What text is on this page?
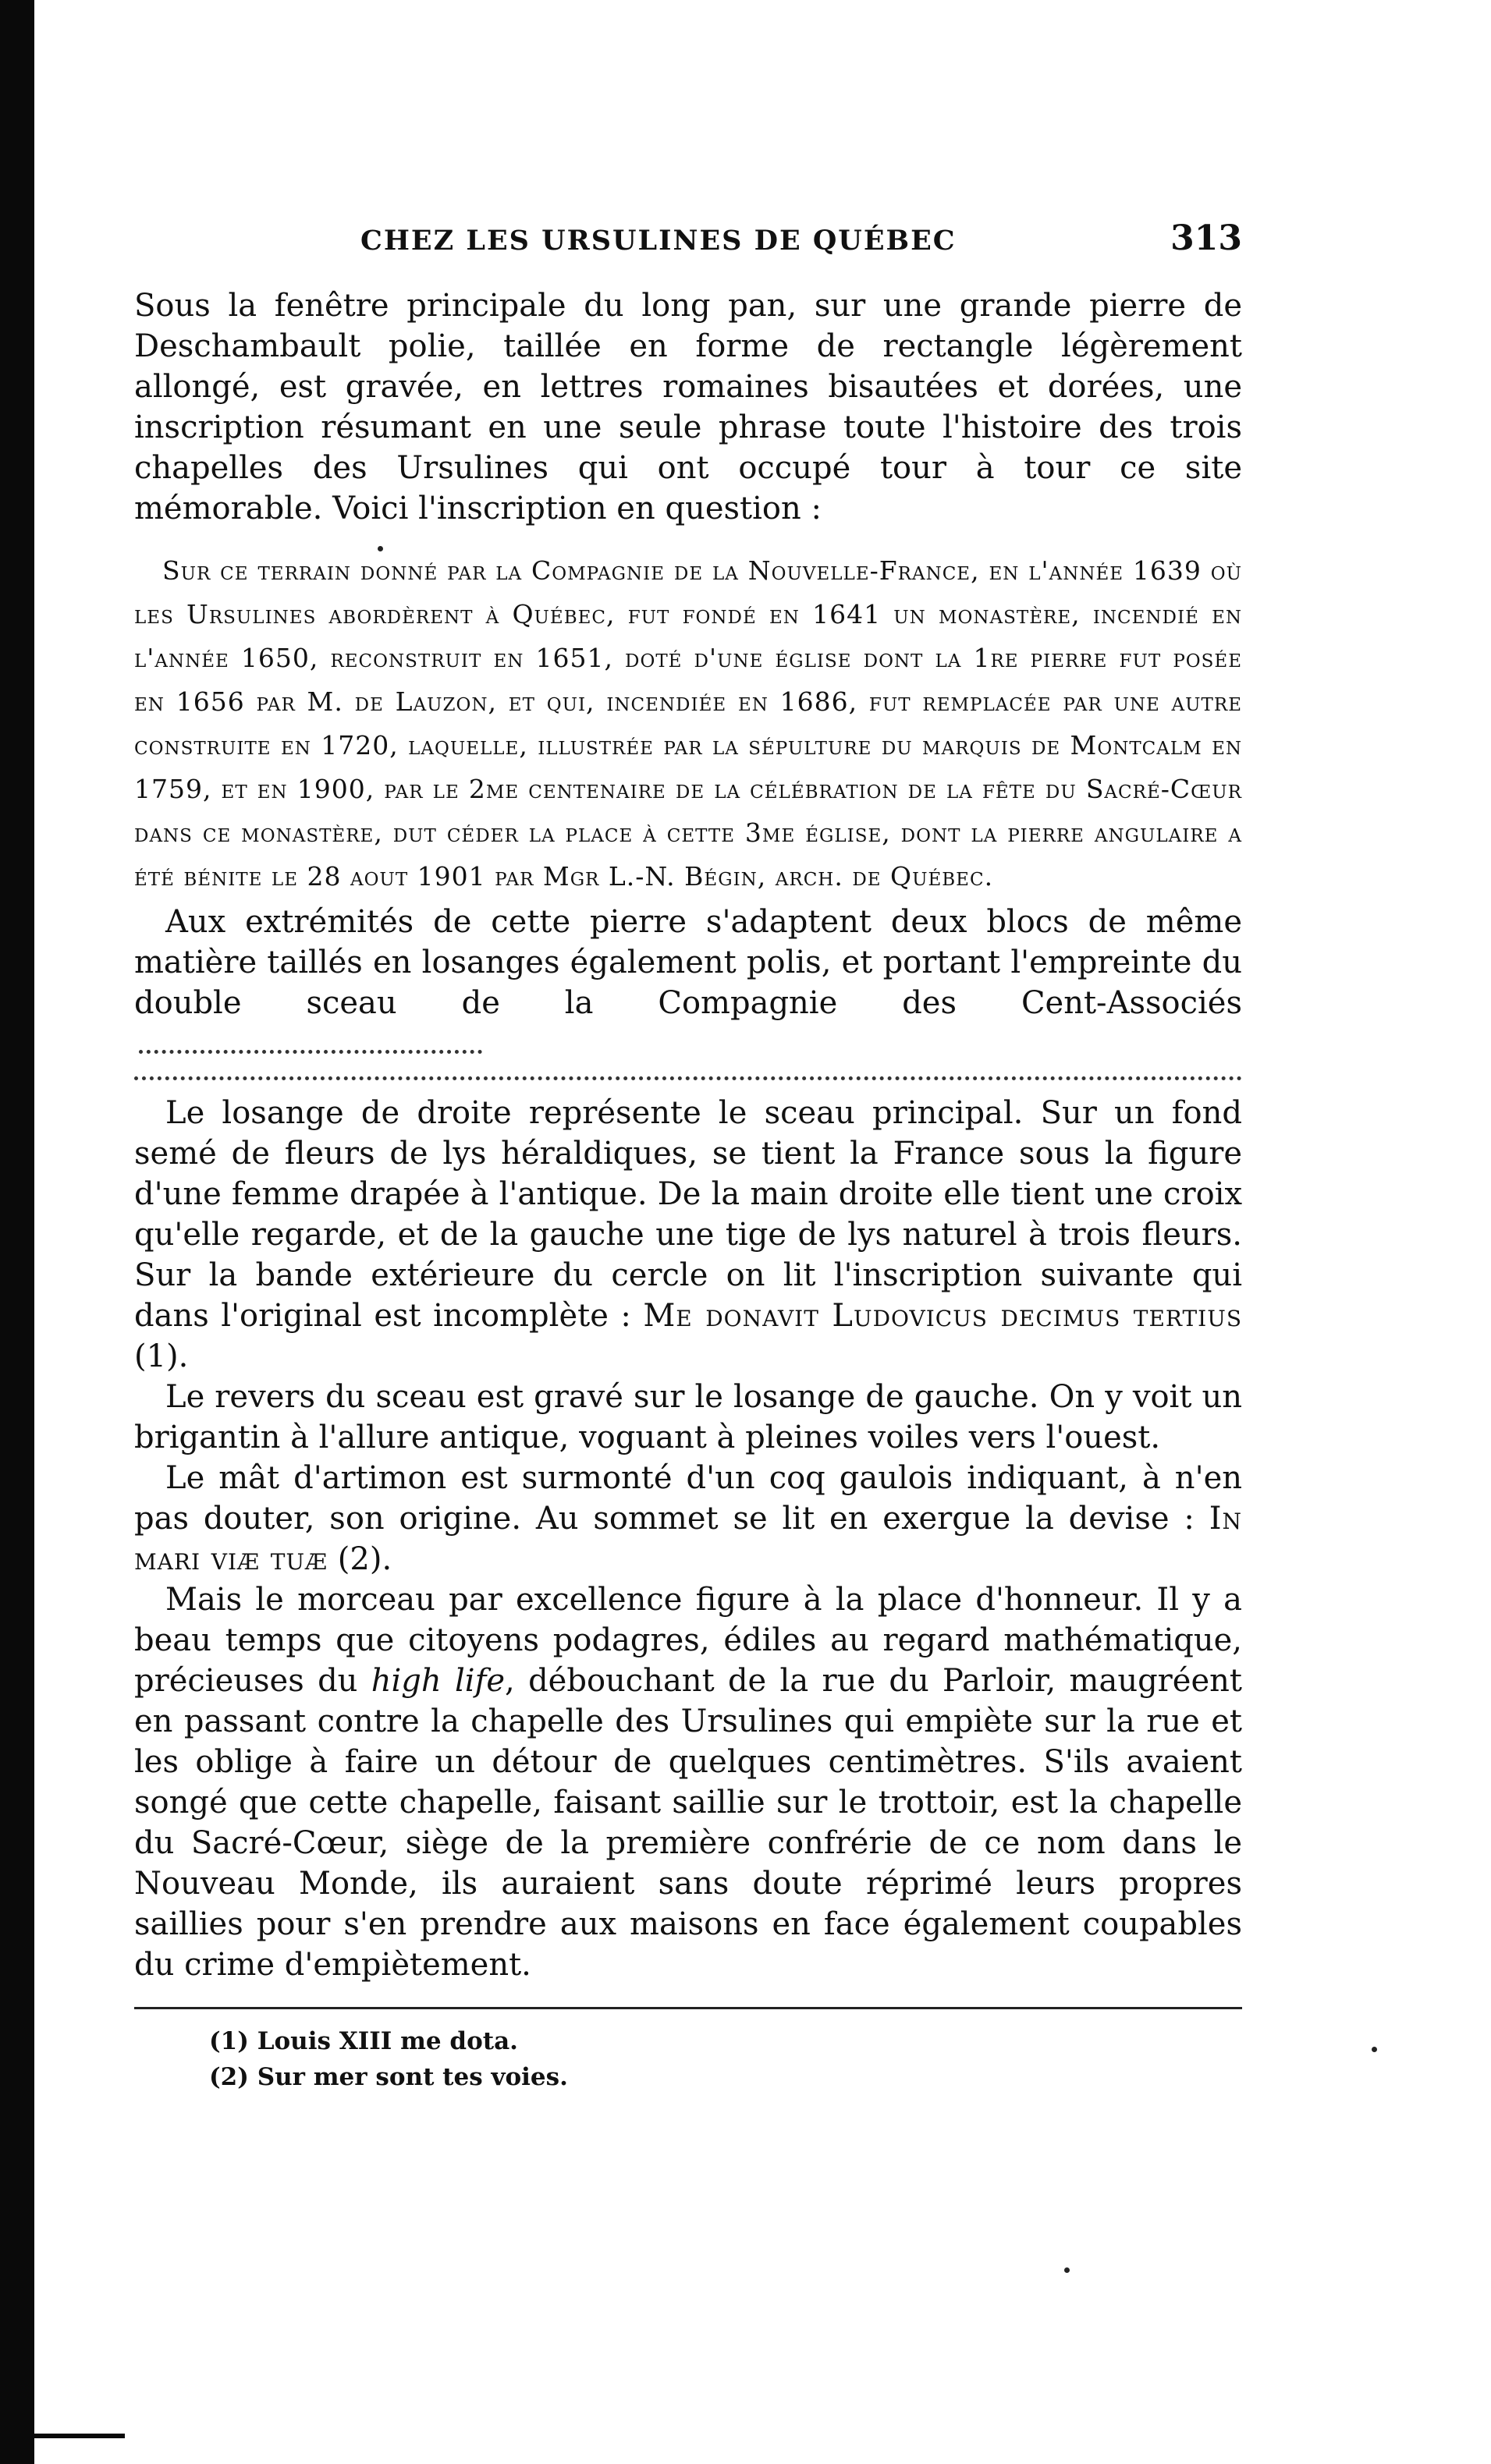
CHEZ LES URSULINES DE QUÉBEC	313

Sous la fenêtre principale du long pan, sur une grande pierre de Deschambault polie, taillée en forme de rectangle légèrement allongé, est gravée, en lettres romaines bisautées et dorées, une inscription résumant en une seule phrase toute l'histoire des trois chapelles des Ursulines qui ont occupé tour à tour ce site mémorable. Voici l'inscription en question :

Sur ce terrain donné par la Compagnie de la Nouvelle-France, en l'année 1639 où les Ursulines abordèrent à Québec, fut fondé en 1641 un monastère, incendié en l'année 1650, reconstruit en 1651, doté d'une église dont la 1re pierre fut posée en 1656 par M. de Lauzon, et qui, incendiée en 1686, fut remplacée par une autre construite en 1720, laquelle, illustrée par la sépulture du marquis de Montcalm en 1759, et en 1900, par le 2me centenaire de la célébration de la fête du Sacré-Cœur dans ce monastère, dut céder la place à cette 3me église, dont la pierre angulaire a été bénite le 28 aout 1901 par Mgr L.-N. Bégin, arch. de Québec.

Aux extrémités de cette pierre s'adaptent deux blocs de même matière taillés en losanges également polis, et portant l'empreinte du double sceau de la Compagnie des Cent-Associés

Le losange de droite représente le sceau principal. Sur un fond semé de fleurs de lys héraldiques, se tient la France sous la figure d'une femme drapée à l'antique. De la main droite elle tient une croix qu'elle regarde, et de la gauche une tige de lys naturel à trois fleurs. Sur la bande extérieure du cercle on lit l'inscription suivante qui dans l'original est incomplète : Me donavit Ludovicus decimus tertius (1).

Le revers du sceau est gravé sur le losange de gauche. On y voit un brigantin à l'allure antique, voguant à pleines voiles vers l'ouest.

Le mât d'artimon est surmonté d'un coq gaulois indiquant, à n'en pas douter, son origine. Au sommet se lit en exergue la devise : In mari viæ tuæ (2).

Mais le morceau par excellence figure à la place d'honneur. Il y a beau temps que citoyens podagres, édiles au regard mathématique, précieuses du high life, débouchant de la rue du Parloir, maugréent en passant contre la chapelle des Ursulines qui empiète sur la rue et les oblige à faire un détour de quelques centimètres. S'ils avaient songé que cette chapelle, faisant saillie sur le trottoir, est la chapelle du Sacré-Cœur, siège de la première confrérie de ce nom dans le Nouveau Monde, ils auraient sans doute réprimé leurs propres saillies pour s'en prendre aux maisons en face également coupables du crime d'empiètement.

(1) Louis XIII me dota.
(2) Sur mer sont tes voies.
